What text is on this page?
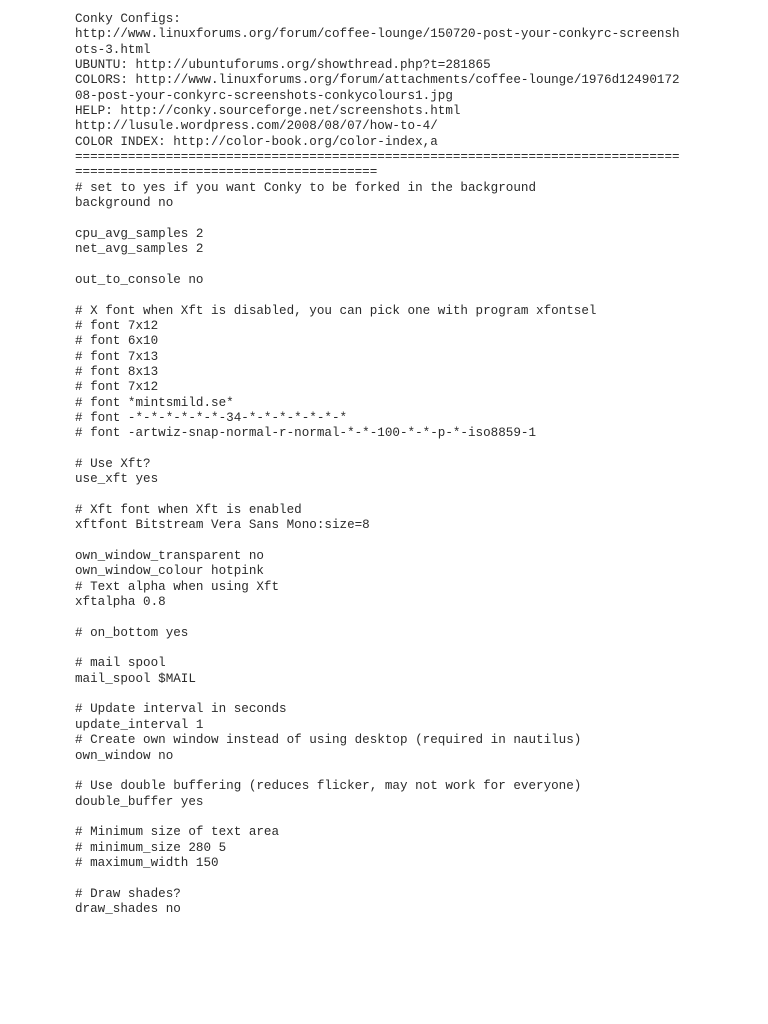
Conky Configs:
http://www.linuxforums.org/forum/coffee-lounge/150720-post-your-conkyrc-screensh
ots-3.html
UBUNTU: http://ubuntuforums.org/showthread.php?t=281865
COLORS: http://www.linuxforums.org/forum/attachments/coffee-lounge/1976d12490172
08-post-your-conkyrc-screenshots-conkycolours1.jpg
HELP: http://conky.sourceforge.net/screenshots.html
http://lusule.wordpress.com/2008/08/07/how-to-4/
COLOR INDEX: http://color-book.org/color-index,a
================================================================================
========================================
# set to yes if you want Conky to be forked in the background
background no
cpu_avg_samples 2
net_avg_samples 2
out_to_console no
# X font when Xft is disabled, you can pick one with program xfontsel
# font 7x12
# font 6x10
# font 7x13
# font 8x13
# font 7x12
# font *mintsmild.se*
# font -*-*-*-*-*-*-34-*-*-*-*-*-*-*
# font -artwiz-snap-normal-r-normal-*-*-100-*-*-p-*-iso8859-1
# Use Xft?
use_xft yes
# Xft font when Xft is enabled
xftfont Bitstream Vera Sans Mono:size=8
own_window_transparent no
own_window_colour hotpink
# Text alpha when using Xft
xftalpha 0.8
# on_bottom yes
# mail spool
mail_spool $MAIL
# Update interval in seconds
update_interval 1
# Create own window instead of using desktop (required in nautilus)
own_window no
# Use double buffering (reduces flicker, may not work for everyone)
double_buffer yes
# Minimum size of text area
# minimum_size 280 5
# maximum_width 150
# Draw shades?
draw_shades no
